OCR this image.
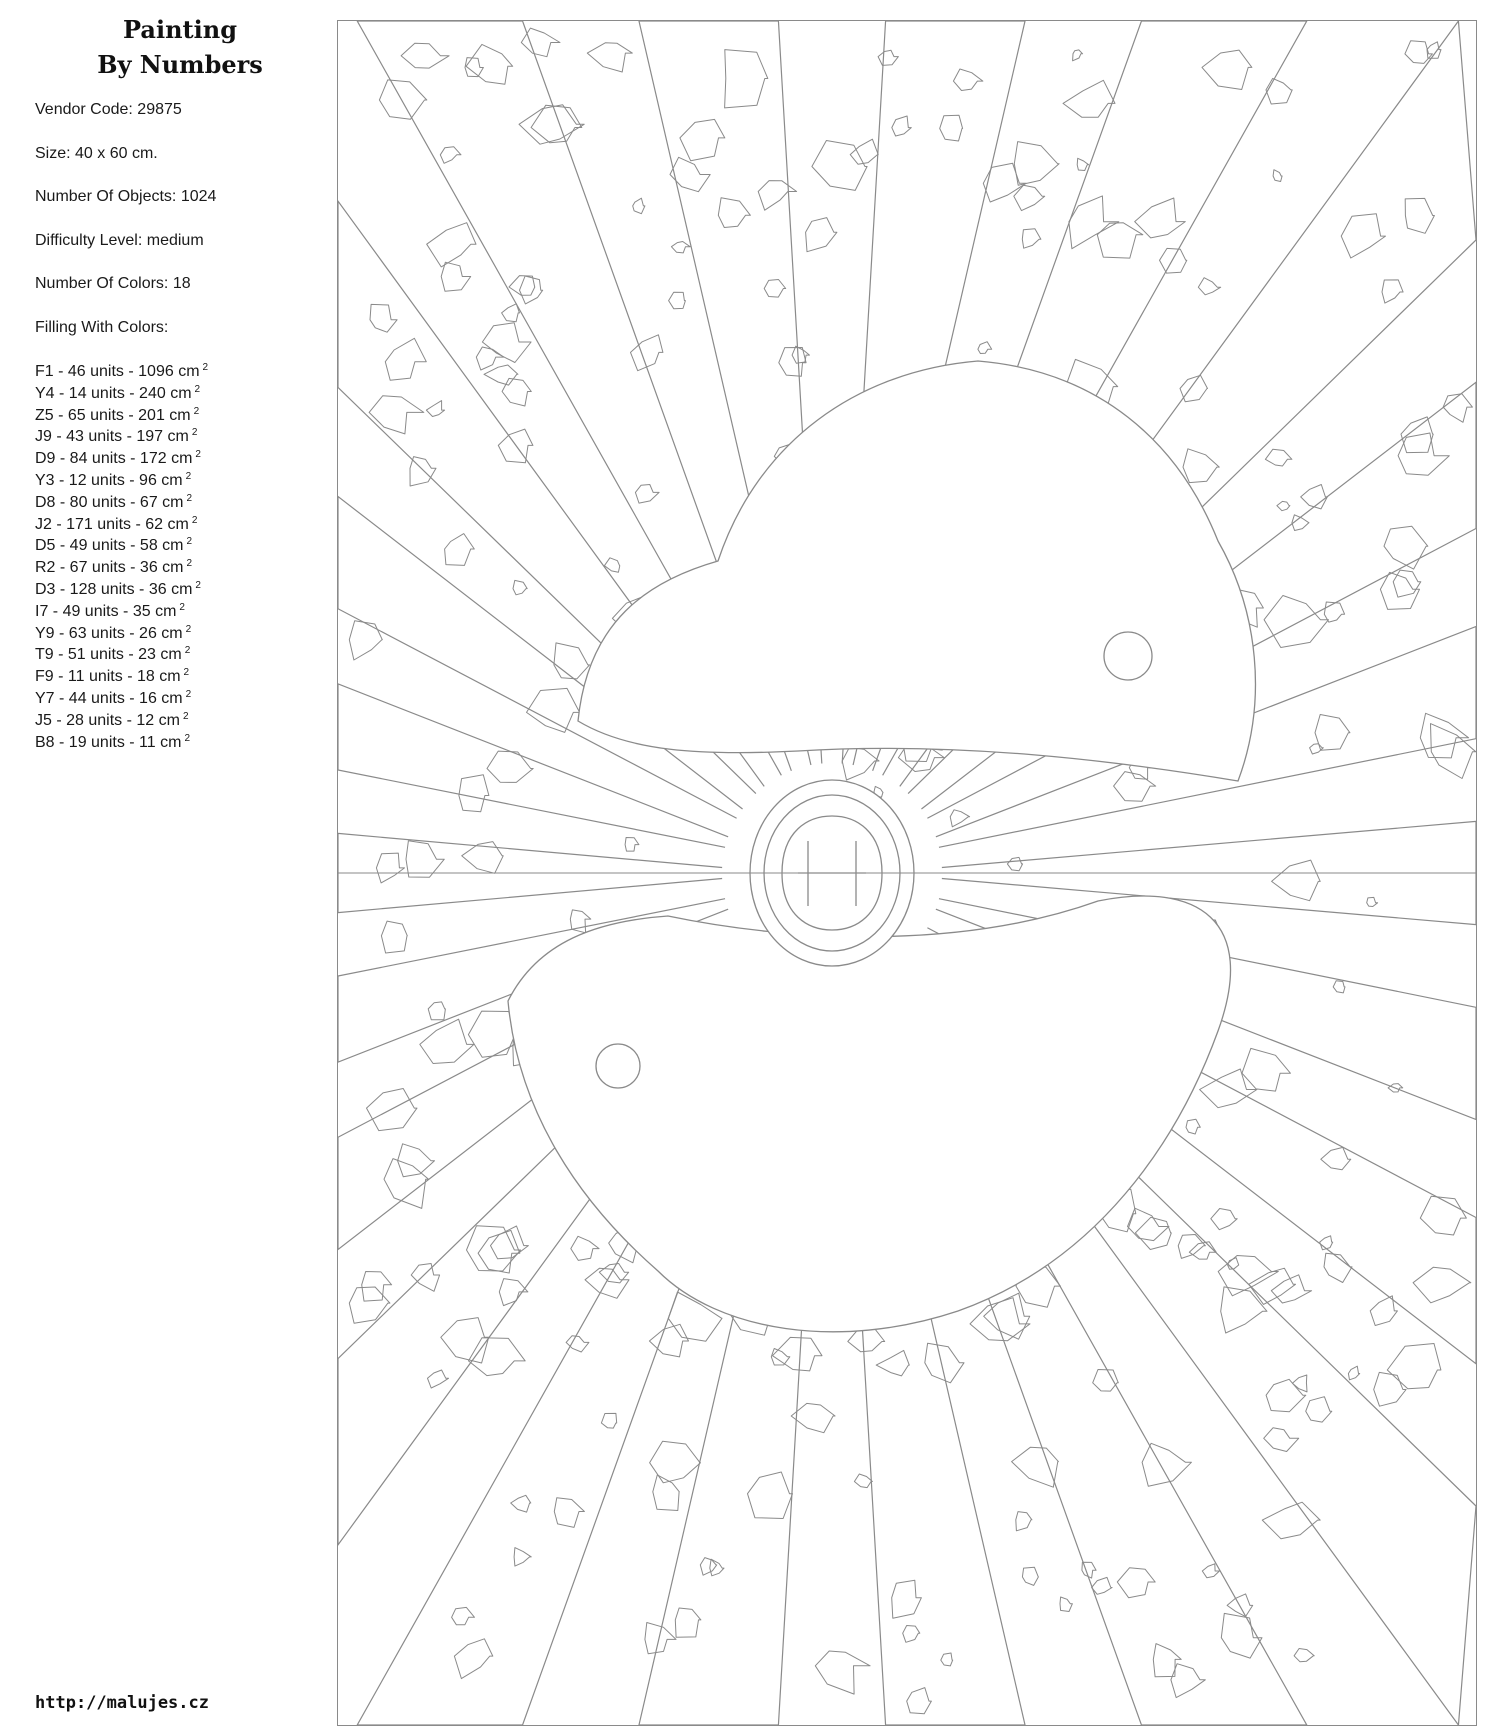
Painting
By Numbers
Vendor Code: 29875
Size: 40 x 60 cm.
Number Of Objects: 1024
Difficulty Level: medium
Number Of Colors: 18
Filling With Colors:
F1 - 46 units - 1096 cm $^2$
Y4 - 14 units - 240 cm $^2$
Z5 - 65 units - 201 cm $^2$
J9 - 43 units - 197 cm $^2$
D9 - 84 units - 172 cm $^2$
Y3 - 12 units - 96 cm $^2$
D8 - 80 units - 67 cm $^2$
J2 - 171 units - 62 cm $^2$
D5 - 49 units - 58 cm $^2$
R2 - 67 units - 36 cm $^2$
D3 - 128 units - 36 cm $^2$
I7 - 49 units - 35 cm $^2$
Y9 - 63 units - 26 cm $^2$
T9 - 51 units - 23 cm $^2$
F9 - 11 units - 18 cm $^2$
Y7 - 44 units - 16 cm $^2$
J5 - 28 units - 12 cm $^2$
B8 - 19 units - 11 cm $^2$
http://malujes.cz
